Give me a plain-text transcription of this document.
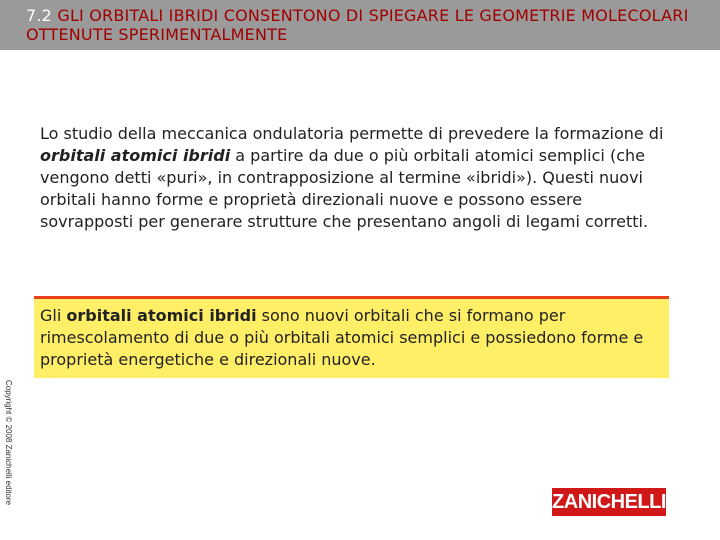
7.2 GLI ORBITALI IBRIDI CONSENTONO DI SPIEGARE LE GEOMETRIE MOLECOLARI OTTENUTE SPERIMENTALMENTE
Lo studio della meccanica ondulatoria permette di prevedere la formazione di orbitali atomici ibridi a partire da due o più orbitali atomici semplici (che vengono detti «puri», in contrapposizione al termine «ibridi»). Questi nuovi orbitali hanno forme e proprietà direzionali nuove e possono essere sovrapposti per generare strutture che presentano angoli di legami corretti.
Gli orbitali atomici ibridi sono nuovi orbitali che si formano per rimescolamento di due o più orbitali atomici semplici e possiedono forme e proprietà energetiche e direzionali nuove.
Copyright © 2008 Zanichelli editore	ZANICHELLI
